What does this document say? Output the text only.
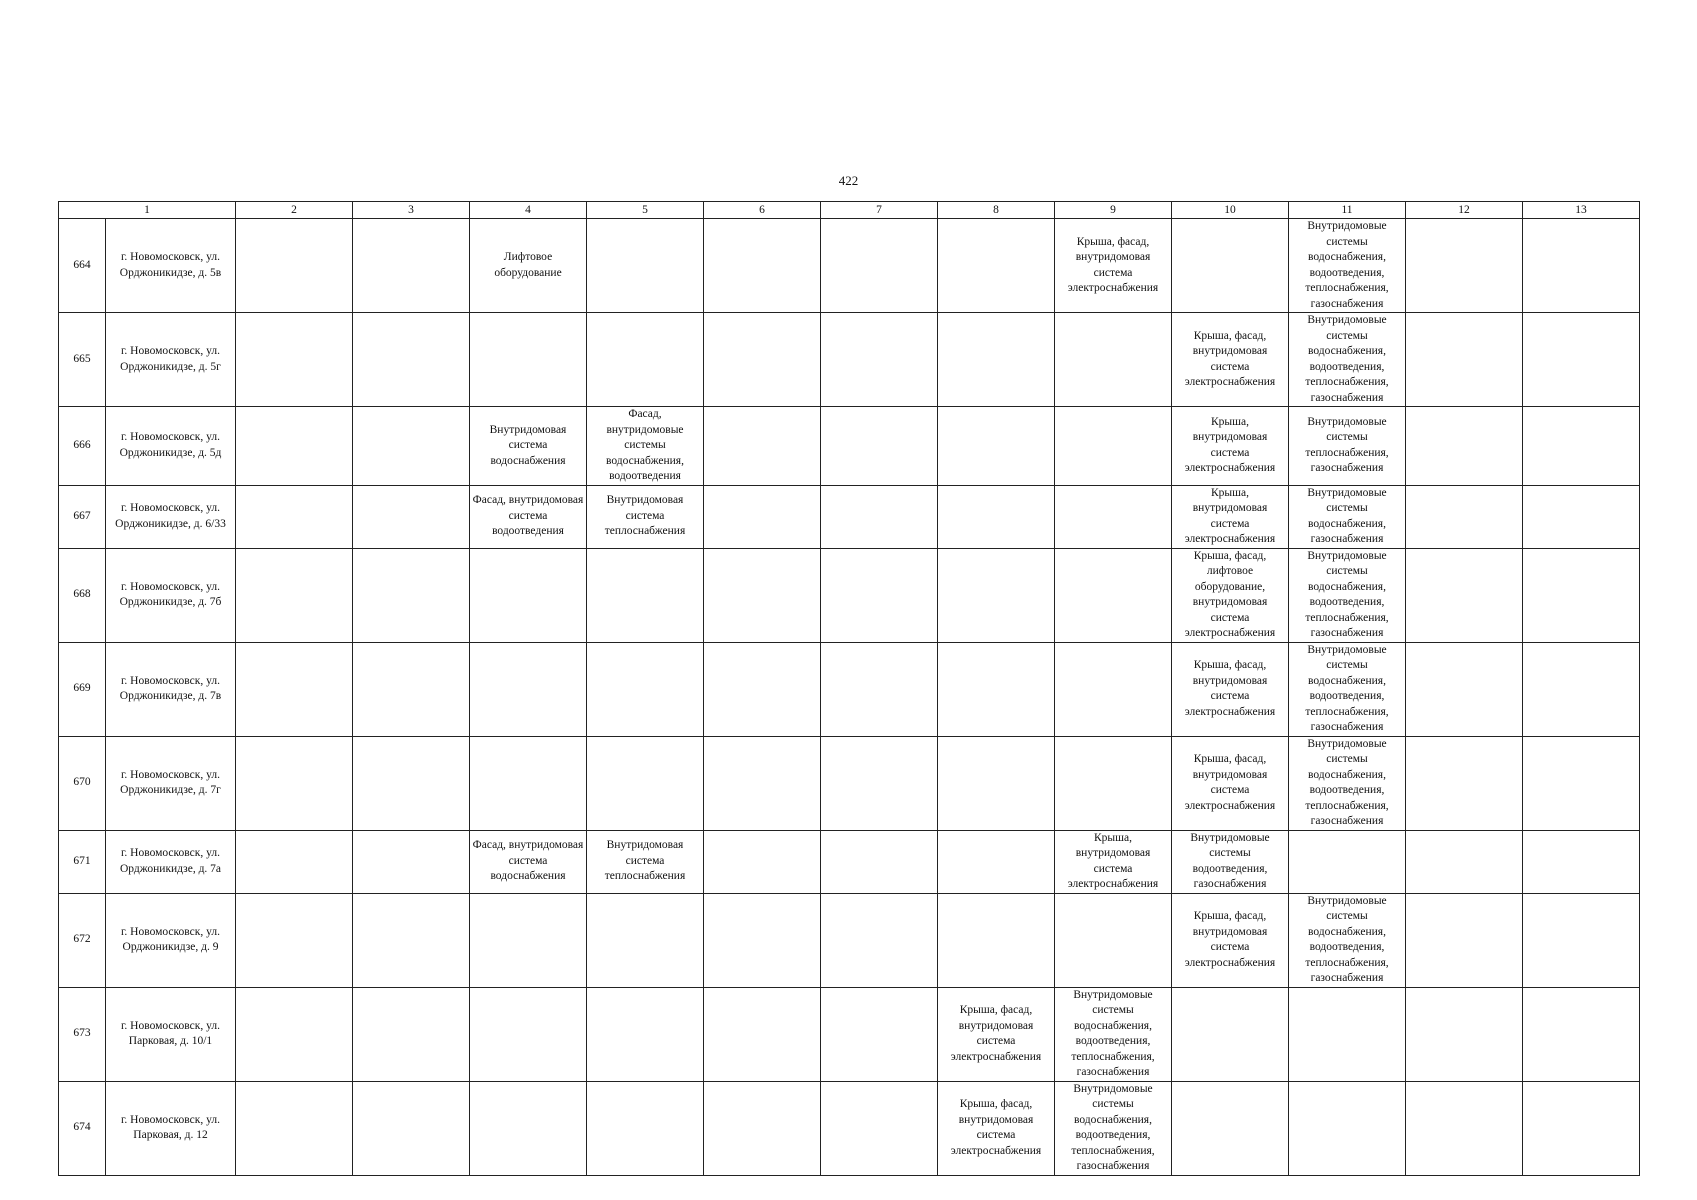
422
1		2	3	4	5	6	7	8	9	10	11	12	13
664	г. Новомосковск, ул. Орджоникидзе, д. 5в			Лифтовое оборудование					Крыша, фасад, внутридомовая система электроснабжения		Внутридомовые системы водоснабжения, водоотведения, теплоснабжения, газоснабжения		
665	г. Новомосковск, ул. Орджоникидзе, д. 5г									Крыша, фасад, внутридомовая система электроснабжения	Внутридомовые системы водоснабжения, водоотведения, теплоснабжения, газоснабжения		
666	г. Новомосковск, ул. Орджоникидзе, д. 5д			Внутридомовая система водоснабжения	Фасад, внутридомовые системы водоснабжения, водоотведения					Крыша, внутридомовая система электроснабжения	Внутридомовые системы теплоснабжения, газоснабжения		
667	г. Новомосковск, ул. Орджоникидзе, д. 6/33			Фасад, внутридомовая система водоотведения	Внутридомовая система теплоснабжения					Крыша, внутридомовая система электроснабжения	Внутридомовые системы водоснабжения, газоснабжения		
668	г. Новомосковск, ул. Орджоникидзе, д. 7б									Крыша, фасад, лифтовое оборудование, внутридомовая система электроснабжения	Внутридомовые системы водоснабжения, водоотведения, теплоснабжения, газоснабжения		
669	г. Новомосковск, ул. Орджоникидзе, д. 7в									Крыша, фасад, внутридомовая система электроснабжения	Внутридомовые системы водоснабжения, водоотведения, теплоснабжения, газоснабжения		
670	г. Новомосковск, ул. Орджоникидзе, д. 7г									Крыша, фасад, внутридомовая система электроснабжения	Внутридомовые системы водоснабжения, водоотведения, теплоснабжения, газоснабжения		
671	г. Новомосковск, ул. Орджоникидзе, д. 7а			Фасад, внутридомовая система водоснабжения	Внутридомовая система теплоснабжения				Крыша, внутридомовая система электроснабжения	Внутридомовые системы водоотведения, газоснабжения			
672	г. Новомосковск, ул. Орджоникидзе, д. 9									Крыша, фасад, внутридомовая система электроснабжения	Внутридомовые системы водоснабжения, водоотведения, теплоснабжения, газоснабжения		
673	г. Новомосковск, ул. Парковая, д. 10/1							Крыша, фасад, внутридомовая система электроснабжения	Внутридомовые системы водоснабжения, водоотведения, теплоснабжения, газоснабжения				
674	г. Новомосковск, ул. Парковая, д. 12							Крыша, фасад, внутридомовая система электроснабжения	Внутридомовые системы водоснабжения, водоотведения, теплоснабжения, газоснабжения				
